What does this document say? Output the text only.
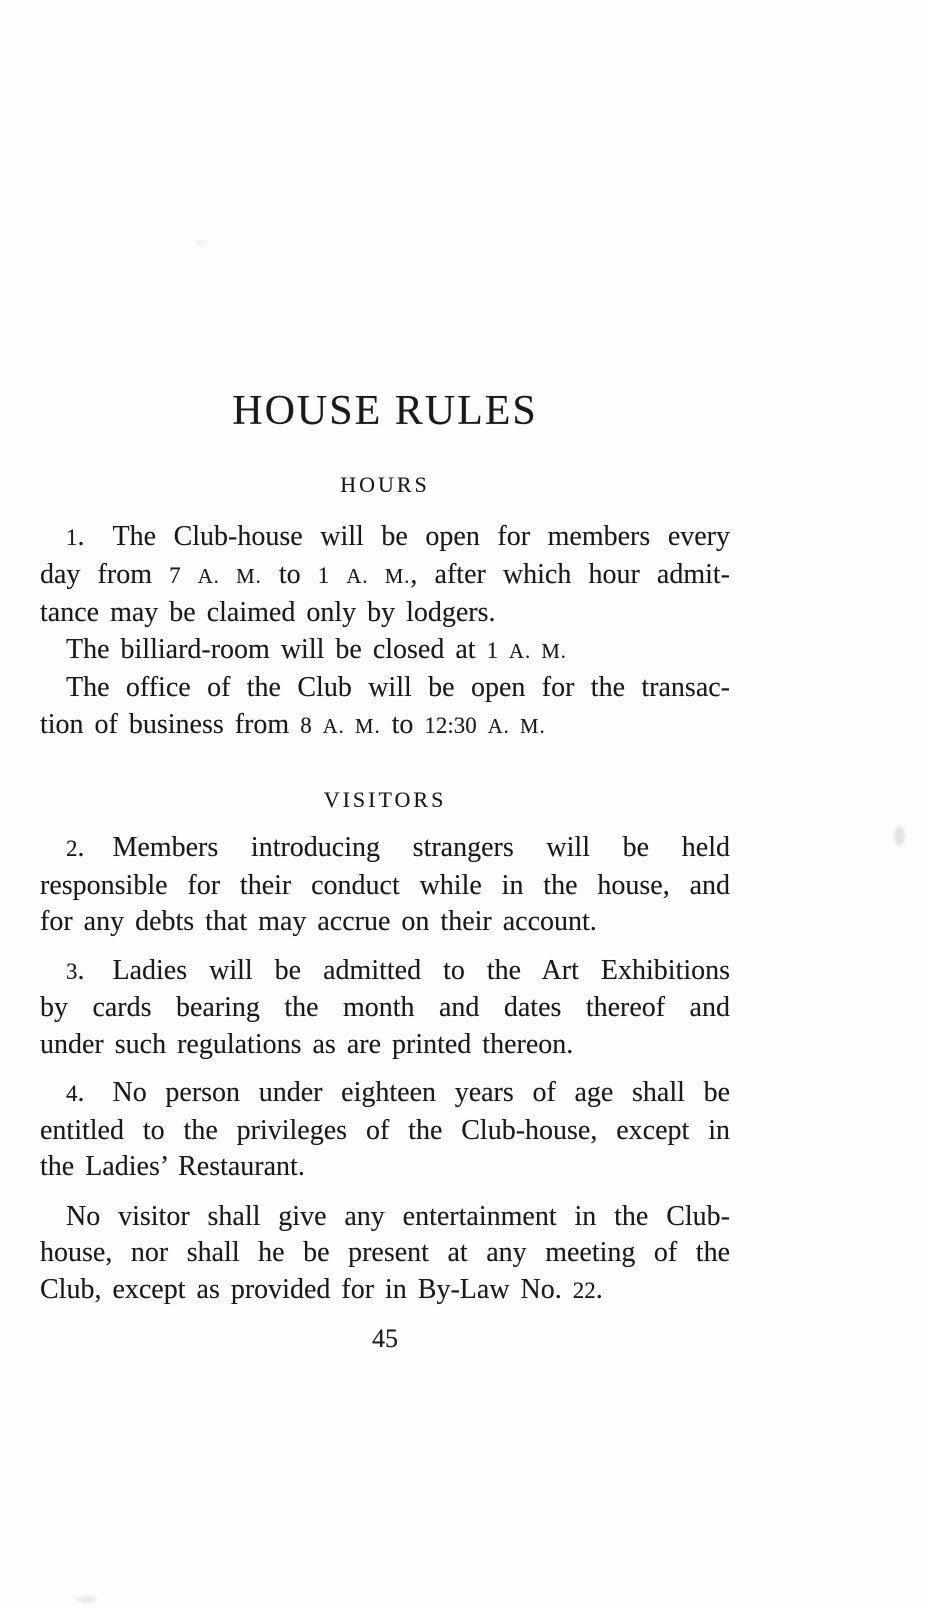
HOUSE RULES
HOURS
1. The Club-house will be open for members every
day from 7 A. M. to 1 A. M., after which hour admit-
tance may be claimed only by lodgers.
The billiard-room will be closed at 1 A. M.
The office of the Club will be open for the transac-
tion of business from 8 A. M. to 12:30 A. M.
VISITORS
2. Members introducing strangers will be held
responsible for their conduct while in the house, and
for any debts that may accrue on their account.
3. Ladies will be admitted to the Art Exhibitions
by cards bearing the month and dates thereof and
under such regulations as are printed thereon.
4. No person under eighteen years of age shall be
entitled to the privileges of the Club-house, except in
the Ladies’ Restaurant.
No visitor shall give any entertainment in the Club-
house, nor shall he be present at any meeting of the
Club, except as provided for in By-Law No. 22.
45
